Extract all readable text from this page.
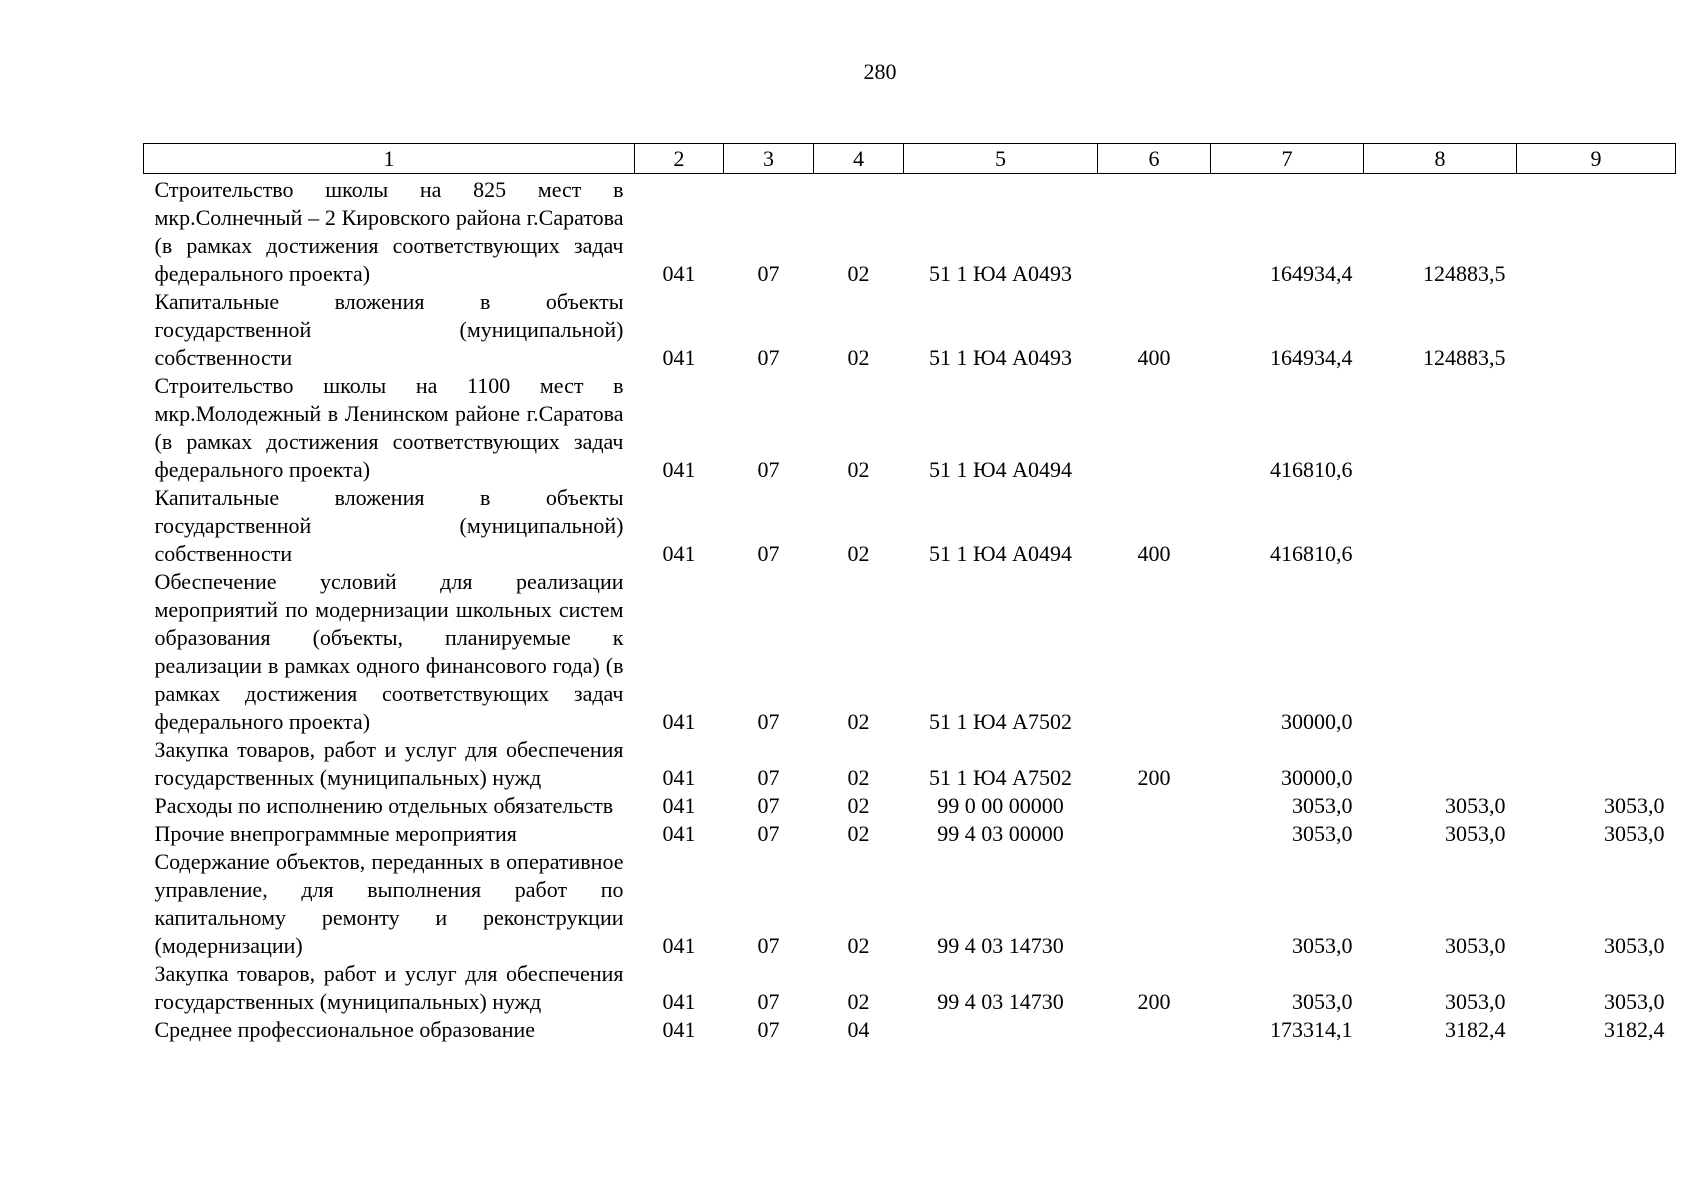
280
1	2	3	4	5	6	7	8	9
Строительство школы на 825 мест в мкр.Солнечный – 2 Кировского района г.Саратова (в рамках достижения соответствующих задач федерального проекта)	041	07	02	51 1 Ю4 А0493		164934,4	124883,5	
Капитальные вложения в объекты государственной (муниципальной) собственности	041	07	02	51 1 Ю4 А0493	400	164934,4	124883,5	
Строительство школы на 1100 мест в мкр.Молодежный в Ленинском районе г.Саратова (в рамках достижения соответствующих задач федерального проекта)	041	07	02	51 1 Ю4 А0494		416810,6		
Капитальные вложения в объекты государственной (муниципальной) собственности	041	07	02	51 1 Ю4 А0494	400	416810,6		
Обеспечение условий для реализации мероприятий по модернизации школьных систем образования (объекты, планируемые к реализации в рамках одного финансового года) (в рамках достижения соответствующих задач федерального проекта)	041	07	02	51 1 Ю4 А7502		30000,0		
Закупка товаров, работ и услуг для обеспечения государственных (муниципальных) нужд	041	07	02	51 1 Ю4 А7502	200	30000,0		
Расходы по исполнению отдельных обязательств	041	07	02	99 0 00 00000		3053,0	3053,0	3053,0
Прочие внепрограммные мероприятия	041	07	02	99 4 03 00000		3053,0	3053,0	3053,0
Содержание объектов, переданных в оперативное управление, для выполнения работ по капитальному ремонту и реконструкции (модернизации)	041	07	02	99 4 03 14730		3053,0	3053,0	3053,0
Закупка товаров, работ и услуг для обеспечения государственных (муниципальных) нужд	041	07	02	99 4 03 14730	200	3053,0	3053,0	3053,0
Среднее профессиональное образование	041	07	04			173314,1	3182,4	3182,4
